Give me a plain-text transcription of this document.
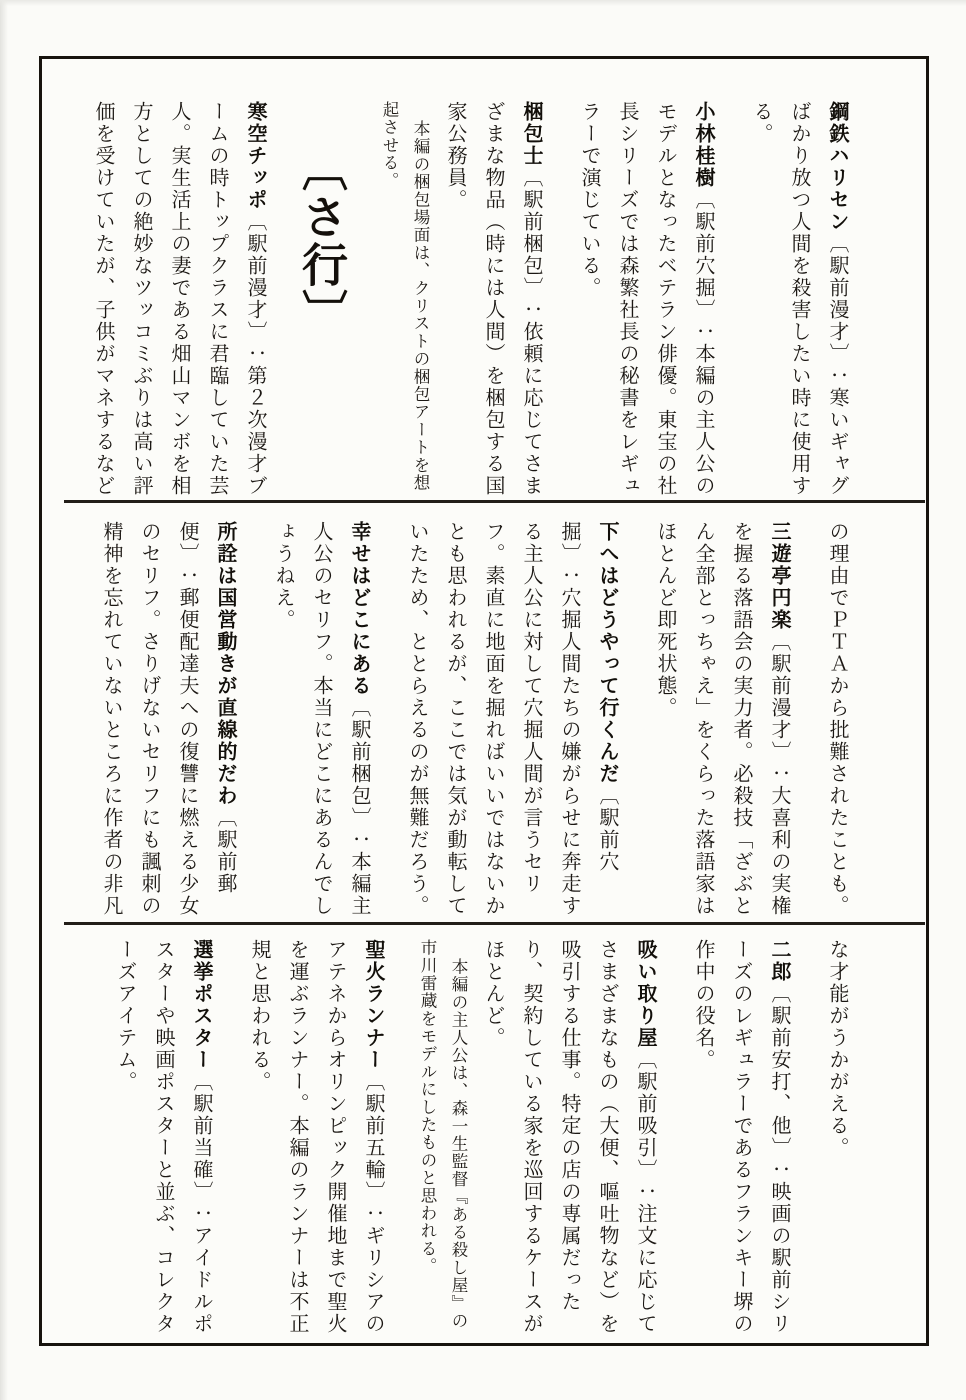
鋼鉄ハリセン〔駅前漫才〕：寒いギャグばかり放つ人間を殺害したい時に使用する。

小林桂樹〔駅前穴掘〕：本編の主人公のモデルとなったベテラン俳優。東宝の社長シリーズでは森繁社長の秘書をレギュラーで演じている。

梱包士〔駅前梱包〕：依頼に応じてさまざまな物品（時には人間）を梱包する国家公務員。

本編の梱包場面は、クリストの梱包アートを想起させる。

〔さ行〕

寒空チッポ〔駅前漫才〕：第２次漫才ブームの時トップクラスに君臨していた芸人。実生活上の妻である畑山マンボを相方としての絶妙なツッコミぶりは高い評価を受けていたが、子供がマネするなど

の理由でＰＴＡから批難されたことも。

三遊亭円楽〔駅前漫才〕：大喜利の実権を握る落語会の実力者。必殺技「ざぶとん全部とっちゃえ」をくらった落語家はほとんど即死状態。

下へはどうやって行くんだ〔駅前穴掘〕：穴掘人間たちの嫌がらせに奔走する主人公に対して穴掘人間が言うセリフ。素直に地面を掘ればいいではないかとも思われるが、ここでは気が動転していたため、ととらえるのが無難だろう。

幸せはどこにある〔駅前梱包〕：本編主人公のセリフ。本当にどこにあるんでしょうねえ。

所詮は国営動きが直線的だわ〔駅前郵便〕：郵便配達夫への復讐に燃える少女のセリフ。さりげないセリフにも諷刺の精神を忘れていないところに作者の非凡

な才能がうかがえる。

二郎〔駅前安打、他〕：映画の駅前シリーズのレギュラーであるフランキー堺の作中の役名。

吸い取り屋〔駅前吸引〕：注文に応じてさまざまなもの（大便、嘔吐物など）を吸引する仕事。特定の店の専属だったり、契約している家を巡回するケースがほとんど。

本編の主人公は、森一生監督『ある殺し屋』の市川雷蔵をモデルにしたものと思われる。

聖火ランナー〔駅前五輪〕：ギリシアのアテネからオリンピック開催地まで聖火を運ぶランナー。本編のランナーは不正規と思われる。

選挙ポスター〔駅前当確〕：アイドルポスターや映画ポスターと並ぶ、コレクターズアイテム。
